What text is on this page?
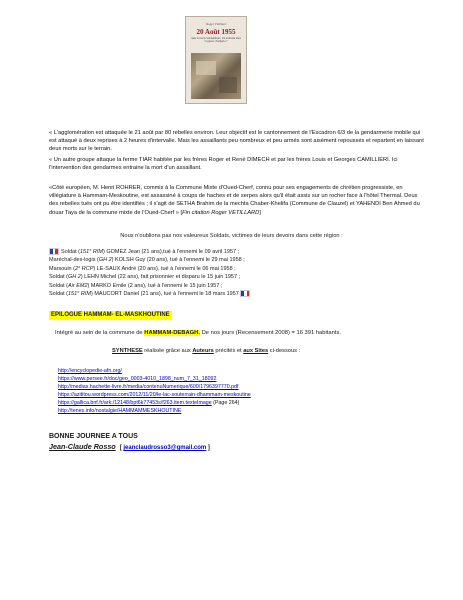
Roger Vétillard
20 Août 1955
dans le nord-constantinois. Un tournant dans la guerre d'Algérie ?
« L'agglomération est attaquée le 21 août par 80 rebelles environ. Leur objectif est le cantonnement de l'Escadron 6/3 de la gendarmerie mobile qui est attaqué à deux reprises à 2 heures d'intervalle. Mais les assaillants peu nombreux et peu armés sont aisément repoussés et repartent en laissant deux morts sur le terrain.
« Un autre groupe attaque la ferme TIAR habitée par les frères Roger et René DIMECH et par les frères Louis et Georges CAMILLIERI. Ici l'intervention des gendarmes entraine la mort d'un assaillant.
«Côté européen, M. Henri ROHRER, commis à la Commune Mixte d'Oued-Cherf, connu pour ses engagements de chrétien progressiste, en villégiature à Hammam-Meskoutine, est assassiné à coups de haches et de serpes alors qu'il était assis sur un rocher face à l'hôtel Thermal. Deux des rebelles tués ont pu être identifiés ; il s'agit de SETHA Brahim de la mechta Chaber-Khelifa (Commune de Clauzel) et YAHENDI Ben Ahmed du douar Taya de la commune mixte de l'Oued-Cherf » [Fin citation Roger VETILLARD]
Nous n'oublions pas nos valeureux Soldats, victimes de leurs devoirs dans cette région :
Soldat (151° RIM) GOMEZ Jean (21 ans),tué à l'ennemi le 09 avril 1957 ;
Maréchal-des-logis (GH 2) KOLSH Guy (20 ans), tué à l'ennemi le 29 mai 1958 ;
Marsouin (2° RCP) LE-SAUX André (20 ans), tué à l'ennemi le 06 mai 1958 ;
Soldat (GH 2) LEHN Michel (22 ans), fait prisonnier et disparu le 15 juin 1957 ;
Soldat (Air EM2) MARKO Emile (2 ans), tué à l'ennemi le 15 juin 1957 ;
Soldat (151° RIM) MAUCORT Daniel (21 ans), tué à l'ennemi le 18 mars 1957
EPILOGUE HAMMAM- EL-MASKHOUTINE
Intégré au sein de la commune de HAMMAM-DEBAGH. De nos jours (Recensement 2008) = 16 391 habitants.
SYNTHESE réalisée grâce aux Auteurs précités et aux Sites ci-dessous :
http://encyclopedie-afn.org/
https://www.persee.fr/doc/geo_0003-4010_1898_num_7_31_18092
http://medias.hachette-livre.fr/media/contenuNumerique/600/1796397770.pdf
https://azititou.wordpress.com/2012/11/20/le-lac-souterrain-dhammam-meskoutine
https://gallica.bnf.fr/ark:/12148/bpt6k77453s/f263.item.texteImage (Page 264)
http://tenes.info/nostalgie/HAMMAMMESKHOUTINE
BONNE JOURNEE A TOUS
Jean-Claude Rosso [ jeanclaudrosso3@gmail.com ]
